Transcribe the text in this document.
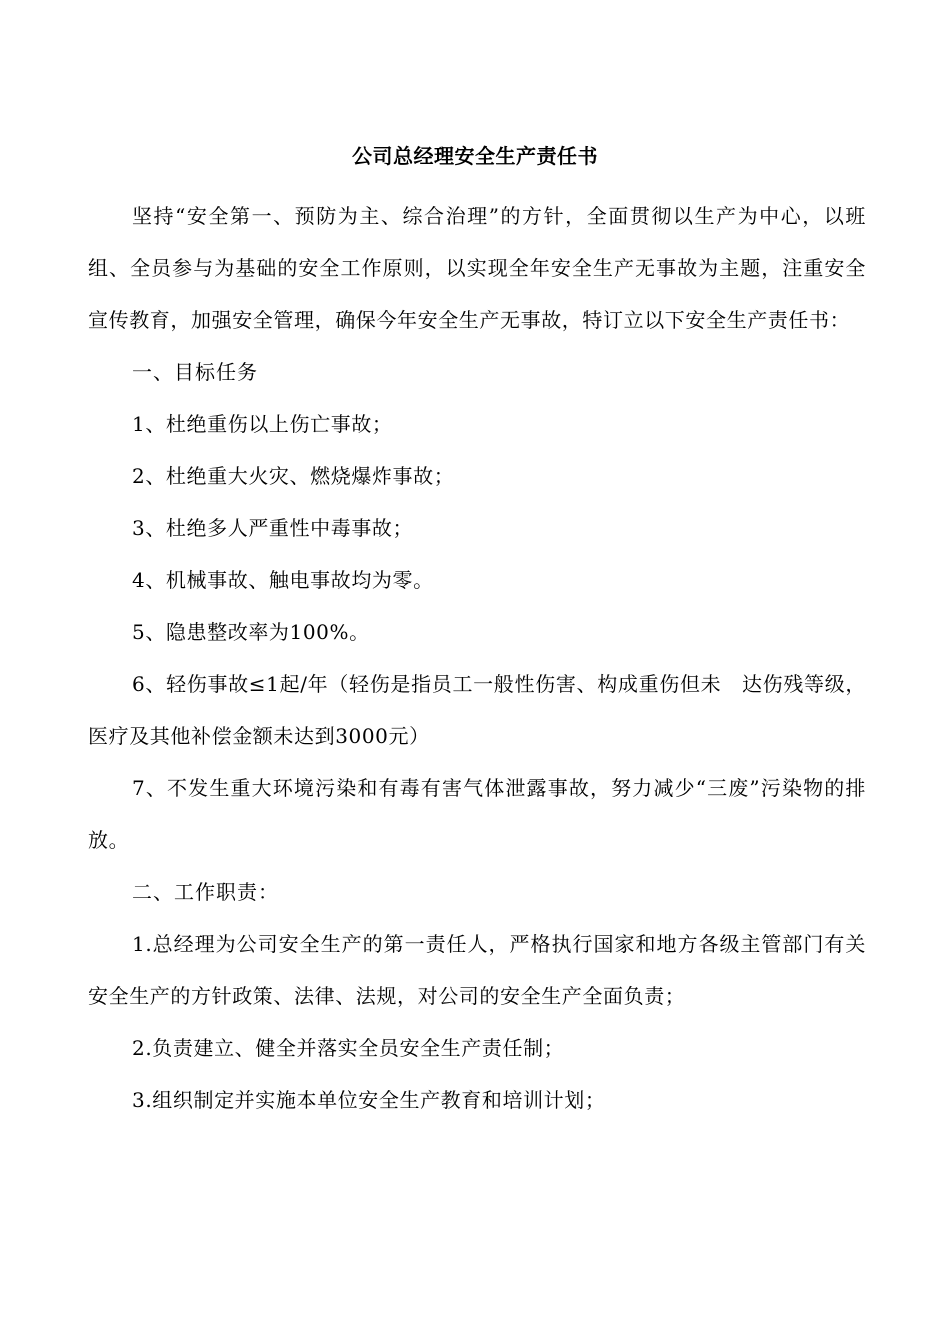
公司总经理安全生产责任书

坚持“安全第一、预防为主、综合治理”的方针，全面贯彻以生产为中心，以班组、全员参与为基础的安全工作原则，以实现全年安全生产无事故为主题，注重安全宣传教育，加强安全管理，确保今年安全生产无事故，特订立以下安全生产责任书：

一、目标任务

1、杜绝重伤以上伤亡事故；

2、杜绝重大火灾、燃烧爆炸事故；

3、杜绝多人严重性中毒事故；

4、机械事故、触电事故均为零。

5、隐患整改率为100%。

6、轻伤事故≤1起/年（轻伤是指员工一般性伤害、构成重伤但未　达伤残等级，医疗及其他补偿金额未达到3000元）

7、不发生重大环境污染和有毒有害气体泄露事故，努力减少“三废”污染物的排放。

二、工作职责：

1.总经理为公司安全生产的第一责任人，严格执行国家和地方各级主管部门有关安全生产的方针政策、法律、法规，对公司的安全生产全面负责；

2.负责建立、健全并落实全员安全生产责任制；

3.组织制定并实施本单位安全生产教育和培训计划；
